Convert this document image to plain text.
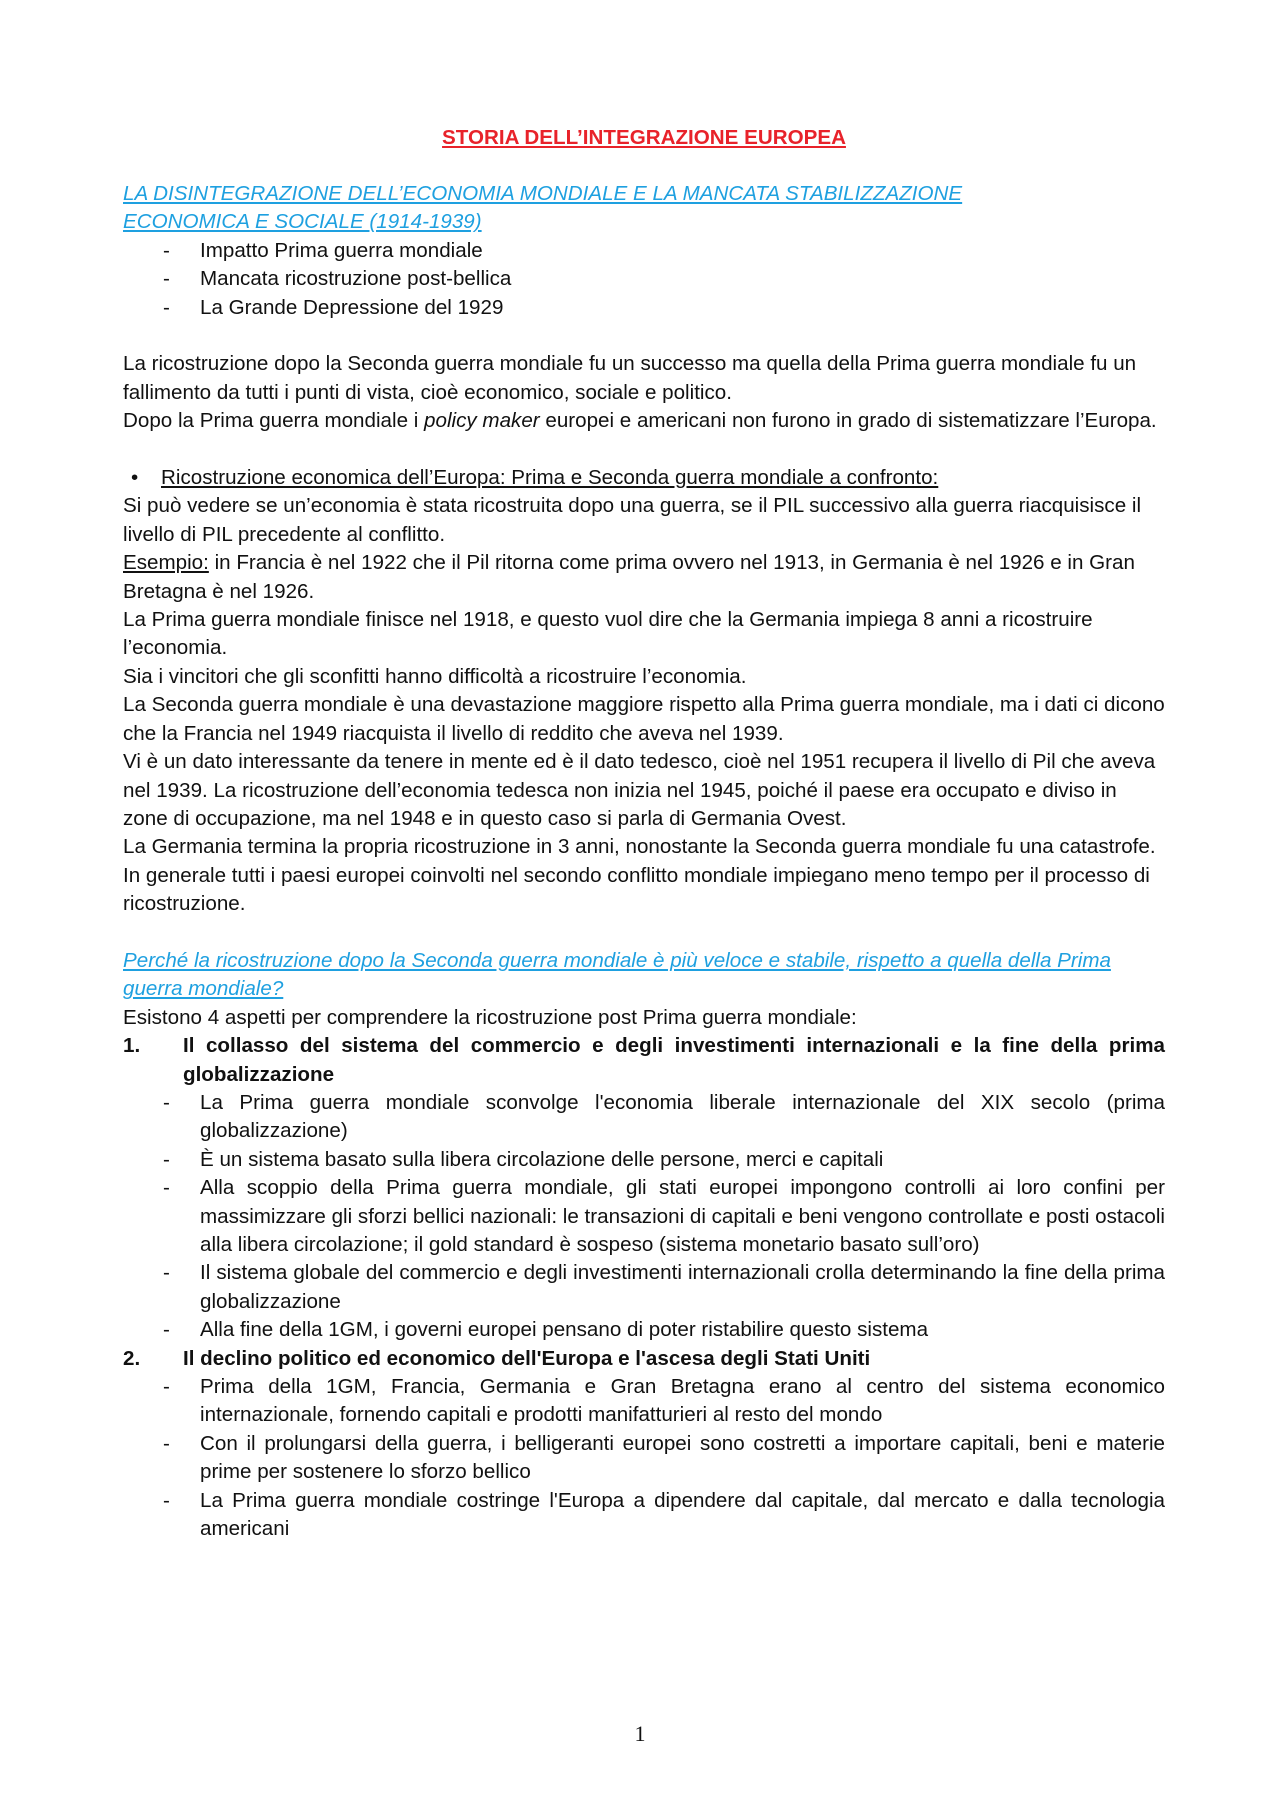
STORIA DELL’INTEGRAZIONE EUROPEA
LA DISINTEGRAZIONE DELL’ECONOMIA MONDIALE E LA MANCATA STABILIZZAZIONE
ECONOMICA E SOCIALE (1914-1939)
- Impatto Prima guerra mondiale
- Mancata ricostruzione post-bellica
- La Grande Depressione del 1929

La ricostruzione dopo la Seconda guerra mondiale fu un successo ma quella della Prima guerra mondiale fu un fallimento da tutti i punti di vista, cioè economico, sociale e politico.

Dopo la Prima guerra mondiale i policy maker europei e americani non furono in grado di sistematizzare l’Europa.

• Ricostruzione economica dell’Europa: Prima e Seconda guerra mondiale a confronto:

Si può vedere se un’economia è stata ricostruita dopo una guerra, se il PIL successivo alla guerra riacquisisce il livello di PIL precedente al conflitto.

Esempio: in Francia è nel 1922 che il Pil ritorna come prima ovvero nel 1913, in Germania è nel 1926 e in Gran Bretagna è nel 1926.

La Prima guerra mondiale finisce nel 1918, e questo vuol dire che la Germania impiega 8 anni a ricostruire l’economia.

Sia i vincitori che gli sconfitti hanno difficoltà a ricostruire l’economia.

La Seconda guerra mondiale è una devastazione maggiore rispetto alla Prima guerra mondiale, ma i dati ci dicono che la Francia nel 1949 riacquista il livello di reddito che aveva nel 1939.

Vi è un dato interessante da tenere in mente ed è il dato tedesco, cioè nel 1951 recupera il livello di Pil che aveva nel 1939. La ricostruzione dell’economia tedesca non inizia nel 1945, poiché il paese era occupato e diviso in zone di occupazione, ma nel 1948 e in questo caso si parla di Germania Ovest.

La Germania termina la propria ricostruzione in 3 anni, nonostante la Seconda guerra mondiale fu una catastrofe.

In generale tutti i paesi europei coinvolti nel secondo conflitto mondiale impiegano meno tempo per il processo di ricostruzione.

Perché la ricostruzione dopo la Seconda guerra mondiale è più veloce e stabile, rispetto a quella della Prima guerra mondiale?

Esistono 4 aspetti per comprendere la ricostruzione post Prima guerra mondiale:

1. Il collasso del sistema del commercio e degli investimenti internazionali e la fine della prima globalizzazione
- La Prima guerra mondiale sconvolge l'economia liberale internazionale del XIX secolo (prima globalizzazione)
- È un sistema basato sulla libera circolazione delle persone, merci e capitali
- Alla scoppio della Prima guerra mondiale, gli stati europei impongono controlli ai loro confini per massimizzare gli sforzi bellici nazionali: le transazioni di capitali e beni vengono controllate e posti ostacoli alla libera circolazione; il gold standard è sospeso (sistema monetario basato sull’oro)
- Il sistema globale del commercio e degli investimenti internazionali crolla determinando la fine della prima globalizzazione
- Alla fine della 1GM, i governi europei pensano di poter ristabilire questo sistema
2. Il declino politico ed economico dell'Europa e l'ascesa degli Stati Uniti
- Prima della 1GM, Francia, Germania e Gran Bretagna erano al centro del sistema economico internazionale, fornendo capitali e prodotti manifatturieri al resto del mondo
- Con il prolungarsi della guerra, i belligeranti europei sono costretti a importare capitali, beni e materie prime per sostenere lo sforzo bellico
- La Prima guerra mondiale costringe l'Europa a dipendere dal capitale, dal mercato e dalla tecnologia americani
1
